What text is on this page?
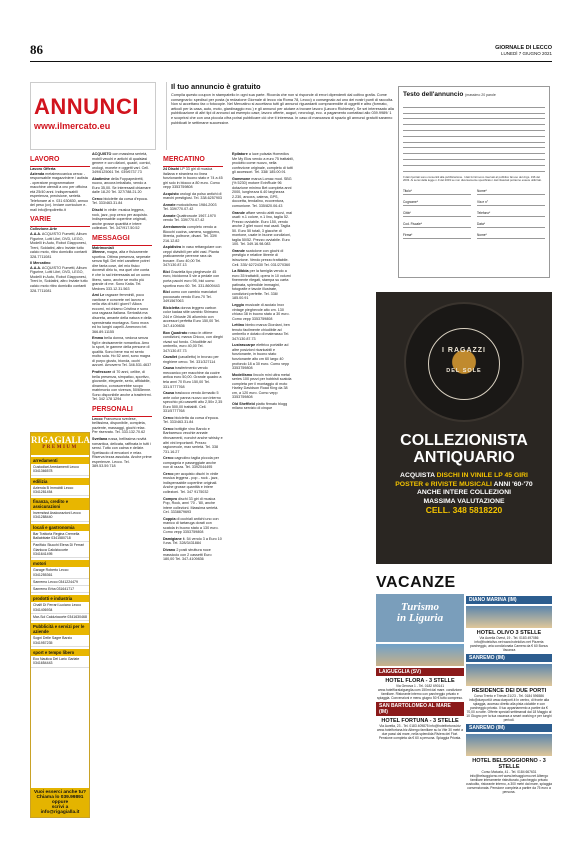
86	GIORNALE DI LECCO
LUNEDÌ 7 GIUGNO 2021
ANNUNCI
www.ilmercato.eu
Il tuo annuncio è gratuito

Compila questo coupon in stampatello in ogni sua parte. Ricorda che non si risponde di errori dipendenti dal coltivo grafia. Come consegnarlo: spedisci per posta (a redazione Giornale di lecco via Roma 78, Lecco) o consegnalo ad uno dei nostri punti di raccolta. Non si accettano fax o fotocopie. Nel Mercatino si accettano tutti gli annunci riguardanti compravendite di oggetti e altro (formato, articoli per la casa, auto, moto, giardinaggio ecc.) e gli annunci per aiutare a trovare lavoro (Lavoro Richieste). Se sei interessato alla pubblicazione di altri tipi di annunci ad esempio case, lavoro offerte, auguri, necrologi, ecc. a pagamento contattaci allo 039.9989/ 1 e scoprirai che con una piccola cifra potrai pubblicare ciò che ti interessa. In caso di mancanza di spazio gli annunci gratuiti saranno pubblicati le settimane successive.

Testo dell'annuncio (massimo 20 parole
Il dati riportati sono consentiti alla pubblicazione. I dati forniti sono riservati al pubblico fai uso del d.lgs. 196 del 2003. Ai sensi della legge n.9 del 2003 se non diversamente specificato i dati rilasciati potranno essere utilizzati.
Titolo*	Nome*
Cognome*	Via e n°
Città*	Telefono*
Cod. Fiscale*	Data*
Firma*	Nome*
LAVORO
Lavoro Offerta
Azienda metalmeccanica cerca: - responsabile magazziniere / autista - operatore programmatore macchine utensili a cnc per officina età 25/40 anni. Indispensabili esperienza, precisione, serietà. Telefonare al n. 031 630830, annuo del peso (cv). Inviare curriculum e-mail info@mpdiretto.it
VARIE
Collezione-Arte
A.A.A. ACQUISTO Fumetti, Album Figurine, Lotti Libri, DVD, LEGO, Modelli in Auto, Robot Giapponesi, Treni, Soldatini, altro Inviate tutto calcio moto, ritiro domicilio contanti 328-7711081
Il Mercatino
A.A.A. ACQUISTO Fumetti, Album Figurine, Lotti Libri, DVD, LEGO, Modelli in Auto, Robot Giapponesi, Treni in, Soldatini, altro Inviate tutto calcio moto ritiro domicilio contanti 328-7711081
ACQUISTO con massima serietà, mobili vecchi e antichi di qualsiasi genere e con dizioni, quadri, cornici, orologi, monete e oggetti vari. Cell. 349/6125061 Tel. 039/6737.73
Abatimine della Foppapedretti, nuovo, ancora imballato, vendo a Euro 35,00. Se interessati chiamare dalle 18-20 Tel. 327/788.21.20
Cerco biciclette da corsa d'epoca. Tel. 333/463.31.84
Dischi in vinile: musica leggera, rock, jazz, pop cerco per acquisto. Indispensabile copertine originali, anche grosse quantità e intere collezioni. Tel. 347/917.50.52
MESSAGGI
Matrimoniali
39enne, magra, alta e fisicamente sportiva. Ottima presenza, seperate senza figli. Dei miei carattere potrei dire fanta cose, del mio fisico dovresti dirlo tu, ma quel che conta è che lo sai interessata ad un uomo libero, sano, anche se molto più grande di me. Sono Katia. Tel. Medves 333.12.31.563
Ami Le ragazze femminili, poco vanitose e concrete nel lavoro e nella vita di tutti i giorni? Allora eccomi, mi chiamo Cristina e sono una ragazza italiana. Seriosità ma discreta, amante della natura e della spensierata montagna. Sono mora ed ho lunghi capelli. Amerovro tel. 366.89.11155
Emma bella donna, vedova senza figli e decisamente romantica. Amo lo sport, le gamme della persone di qualità. Sono bene ma mi sento molto sola. Ho 52 anni, sono magra di purpo giusto, bionda, occhi azzurri. Amoverro Tel. 346.531.4637
Professore di 70 anni, celibe, di bella presenza, simpatico, sportivo, giovanile, elegante, serio, affidabile, dinamico, conoscerebbe scopo matrimonio con vivenza, 50/65enne. Sono disponibile anche a trasferirmi. Tel. 342 178 1294
PERSONALI
Lecco Francesca svedese, bellissima, disponibile, completa, paziente, massaggi, giochi relax. Per riservato. Tel. 333.132.70.62
Svetlana russa, bellissima novità romantica, delicata, raffinata in tutti i sensi. Tutto con calma e delizie. Spettacolo di emozioni e relax. Riserva tezza assoluta. Anche prime esperienze. Lecco. Tel. 389.53.59.718
MERCATINO
24 Dischi LP 33 giri di musica italiana e straniera no linea funzionante in buono stato e 74 a 45 giri solo in blocco a 80 euro. Como vepp 3353759808
Acquisto orologi da polso antichi di marchi prestigiosi. Tel. 338.6257903
Annate motociclismo 1984-2003 Tel. 339/770.07.42
Annate Quattroruote 1967-1970 vendo Tel. 339/770.07.42
Arredamento completo vendo a: Blocchi cucina, camera, soggiorno, libreria, poltrone, divani. Tel. 339/ 216.12.82
Aspidistra in vaso rettangolare con ceppi divisibili per altri vasi. Pianta praticamente perenne rara da trovare. Euro 40,00 Tel. 347/130.87.13
Bici Graziella tipo pieghevole 45 euro, bicidonna 5 vie a pedale con porta pacchi euro 95, bici uomo sportiva euro 60. Tel. 331.8609443
Bici uomo con cambio marciatori pocousato vendo Euro.70 Tel. 3491567063
Bicicletta donna leggero carbon color kadaa stile cambio Shimano 244 e Ghiuste 26 alluminio con accessori perfetta Euro 150,00 Tel. 347-4109836
Box Quadrato rosso in ottime condizioni, marca Chicco, con dieghi vivaci sul fondo. Chiudibile ad ombrello, euro 40,00 Tel. 347/130.87.73
Cavallet (cavalletto) in bronzo per ringhiere cerco. Tel. 331/327114
Causa trasferimento vendo meccanico per macchine da cucire antica euro 50,00. Grande quadro a tela anni 70 Euro 150,00 Tel. 331.5777768
Causa traslocco vendo Armadio 5 ante color panna nuovo con interno specchio più cassetti alto 2,50x 2,35 Euro 500,00 trattabili. Cell. 331/5777768
Cerco bicicletta da corsa d'epoca. Tel. 333/463.31.84
Cerco bottiglie vino Barolo e Barbaresco vecchie annate ritrovamenti, nonché anche whisky e altri vini importanti. Prezzo ragionevole, max serietà. Tel. 338 731.16.27
Cerco cagnolino taglia piccola per compagnia e passeggiate anche non di razza. Tel. 3392044495
Cerco per acquisto dischi in vinile musica leggera - pop - rock - jazz, indispensabile copertine originali. Anche grosse quantità e intere collezioni. Tel. 347 9175032
Compro dischi 33 giri di musica Pop, Rock, anni '70 - '80, anche intere collezioni. Massima serietà. Cel. 3338879693
Coppia di occhiali antichi uno con manico di tartaruga dorati con scatola in buono stato a 130 euro. Como vepp 3353759808
Damigiane lt. 54 vendo 3 a Euro 10 l'una. Tel. 328/3431884
Divano 2 posti struttura noce massiccio con 2 cassetti Euro 180,00 Tel. 347-4109836
Epilatore a luce pulsata Homedics Me My Elos vendo a euro 75 trattabili, prodotto come nuovo, nella confezione originale, completo di tutti gli accessori. Tel. 338/ 185.00.91
Gommone marca Lomac mod. SBG (% 5230) motore EvinRude 96 dotazione minimo Bet completa anni 2000, lunghezza 6.40 larghezza 2.230, ancora, catena, GPS, doccetta, tendalino, ecoventura, comunione. Tel. 335/820.06.43
Grande affare vendo abiti nuovi, mai usati: n.1 colore, n.1 lino, taglia 52. Prezzo ovviabile. Euro 150, vendo anche 2 gilet nuovi mai usati. Taglia 50. Euro 50 totali, 3 giacche di montone, usate in buone condizioni, taglia 50/52. Prezzo ovviabile. Euro 100. Tel. 349.16.98.083
Grande scatolone con giochi di prestigio e relative librerie di istruzione. Vendo prezzo trattabile. Cell. 335/ 6272430 Tel. 031/270360
La Bibbia per la famiglia vendo a euro 35 trattabili, opera in 10 volumi finemente rilegati, stampa su carta patinata, splendide immagini, fotografie e tavole illustrate, condizioni perfette. Tel. 338/ 185.00.91
Leggio musicale di acciaio Inox vintage pieghevole alto cm. 130 chiuso 38 in buono stato a 30 euro. Como vepp 3353759808
Lettino bimbo marca Giordani, ben tenuto facilmente chiudibile ad ombrello e dotato di materasso Tel. 347/130.87.73
Lustrascarpe elettrico portatile ad altre posizioni ricaricabili e funzionante, in buono stato funzionante alto cm 60 largo 40 profondo 18 a 30 euro. Como vepp 3353759808
Modellismo lincoln mini ultra metal series 100 pezzi per hobbisti scatola completa per il montaggio di moto Harley Davidson Road King da 38 cm, a 120 euro. Como vepp 3353759808
Old Sheffield piatto firmato blogg milano servizio di cinque
RIGAGIALLA
PREMIUM
arredamenti
Custodiari Arredamenti Lecco 0341366578
edilizia
Azienda B Immobili Lecco 0341281454
finanza, credito e assicurazioni
Invemdsst Assicurazioni Lecco 0341288440
locali e gastronomia
Bar Trattoria Regina Cremella Ballabbiate 0341580718
Panificio Stucchi Elena Di Ferrari Gianluca Calolziocorte 0341641495
motori
Garage Roberto Lecco 0341255361
Sanremo Lecco 0341224479
Sanremo Erba 031641717
prodotti e industria
Chalfi Di Ferrari Luciano Lecco 0341406934
Mar-Sol Calolziocorte 0341630468
Pubblicità e servizi per le aziende
Sogni Delle Sagre Barzio 0341957235
sport e tempo libero
Eco Nautica Del Lario Garlate 0341654443
Vuoi esserci anche tu?
Chiama lo 039.99891 oppure
scrivi a info@rigagialla.it
I RAGAZZI
DEL SOLE
COLLEZIONISTA
ANTIQUARIO
ACQUISTA DISCHI IN VINILE LP 45 GIRI
POSTER e RIVISTE MUSICALI ANNI '60-'70
ANCHE INTERE COLLEZIONI
MASSIMA VALUTAZIONE
CELL. 348 5818220
VACANZE
Turismo
in Liguria
LAIGUEGLIA (SV)
HOTEL FLORA - 3 STELLE
Via Genova 1 - Tel. 0182 690141 www.hotelfloralaigueglia.com 150mt dal mare. condizione familiare. Ristorante interno con parcheggio privato e spiaggia. Convenzioni e menu giugno 50 € tutto compreso.
SAN BARTOLOMEO AL MARE (IM)
HOTEL FORTUNA - 3 STELLE
Via Aurelia, 23 - Tel. 0183 409875 info@hotelfortuna.biz www.hotelfortuna.biz Albergo familiare su la Vite 30 metri a due passi dal mare, nella splendida Riviera dei Fiori. Pensione completa da € 60 a persona. Spiaggia Privata.
DIANO MARINA (IM)
HOTEL OLIVO 3 STELLE
Via Aurelia Ovest, 19 - Tel. 0183 497086 info@hotelolivo.net www.hotelolivo.net Pizzeria parcheggio, aria condizionata Camera da € 60 Bonus Vacanza
SANREMO (IM)
RESIDENCE DEI DUE PORTI
Corso Trento e Trieste 21/23 - Tel. 0184 596586 info@dueporti.it www.dueporti.it In centro, di fronte alla spiaggia, accesso diretto alla pista ciclabile e con parcheggio privato. Il tuo appartamento a partire da € 70,00 a notte. Offerte speciali settimanali dal 18 Maggio al 10 Giugno per la tua vacanza a smart working e per lunghi periodi.
SANREMO (IM)
HOTEL BELSOGGIORNO - 3 STELLE
Corso Matuzia, 41 - Tel. 0184 667631 info@belsoggiorno.net www.belsoggiorno.net Albergo familiare interamente ristrutturato, parcheggio privato custodito, ristorante interno, a 300 metri dal mare, spiaggia convenzionata. Pensione completa a partire da 75 euro a persona.
